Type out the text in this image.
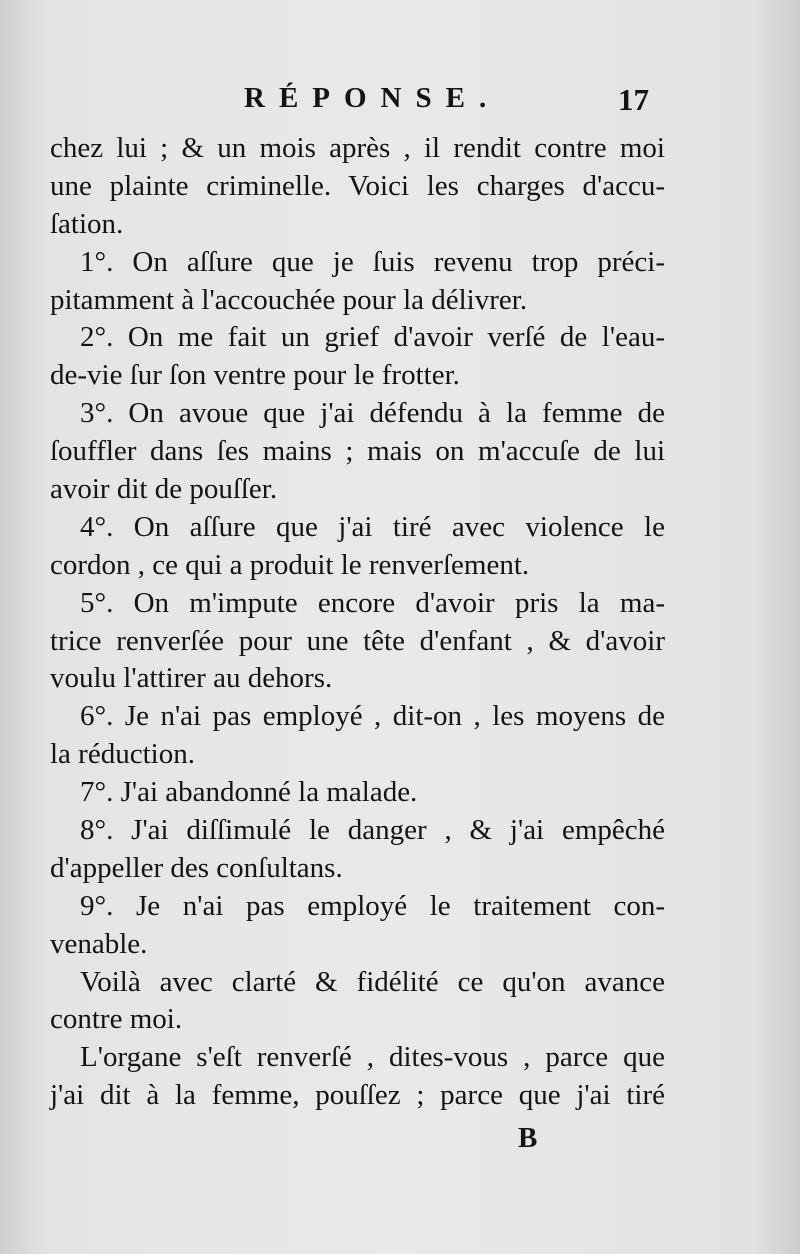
RÉPONSE.	17
chez lui ; & un mois après , il rendit contre moi
une plainte criminelle. Voici les charges d'accu-
ſation.
1°. On aſſure que je ſuis revenu trop préci-
pitamment à l'accouchée pour la délivrer.
2°. On me fait un grief d'avoir verſé de l'eau-
de-vie ſur ſon ventre pour le frotter.
3°. On avoue que j'ai défendu à la femme de
ſouffler dans ſes mains ; mais on m'accuſe de lui
avoir dit de pouſſer.
4°. On aſſure que j'ai tiré avec violence le
cordon , ce qui a produit le renverſement.
5°. On m'impute encore d'avoir pris la ma-
trice renverſée pour une tête d'enfant , & d'avoir
voulu l'attirer au dehors.
6°. Je n'ai pas employé , dit-on , les moyens de
la réduction.
7°. J'ai abandonné la malade.
8°. J'ai diſſimulé le danger , & j'ai empêché
d'appeller des conſultans.
9°. Je n'ai pas employé le traitement con-
venable.
Voilà avec clarté & fidélité ce qu'on avance
contre moi.
L'organe s'eſt renverſé , dites-vous , parce que
j'ai dit à la femme, pouſſez ; parce que j'ai tiré
B
